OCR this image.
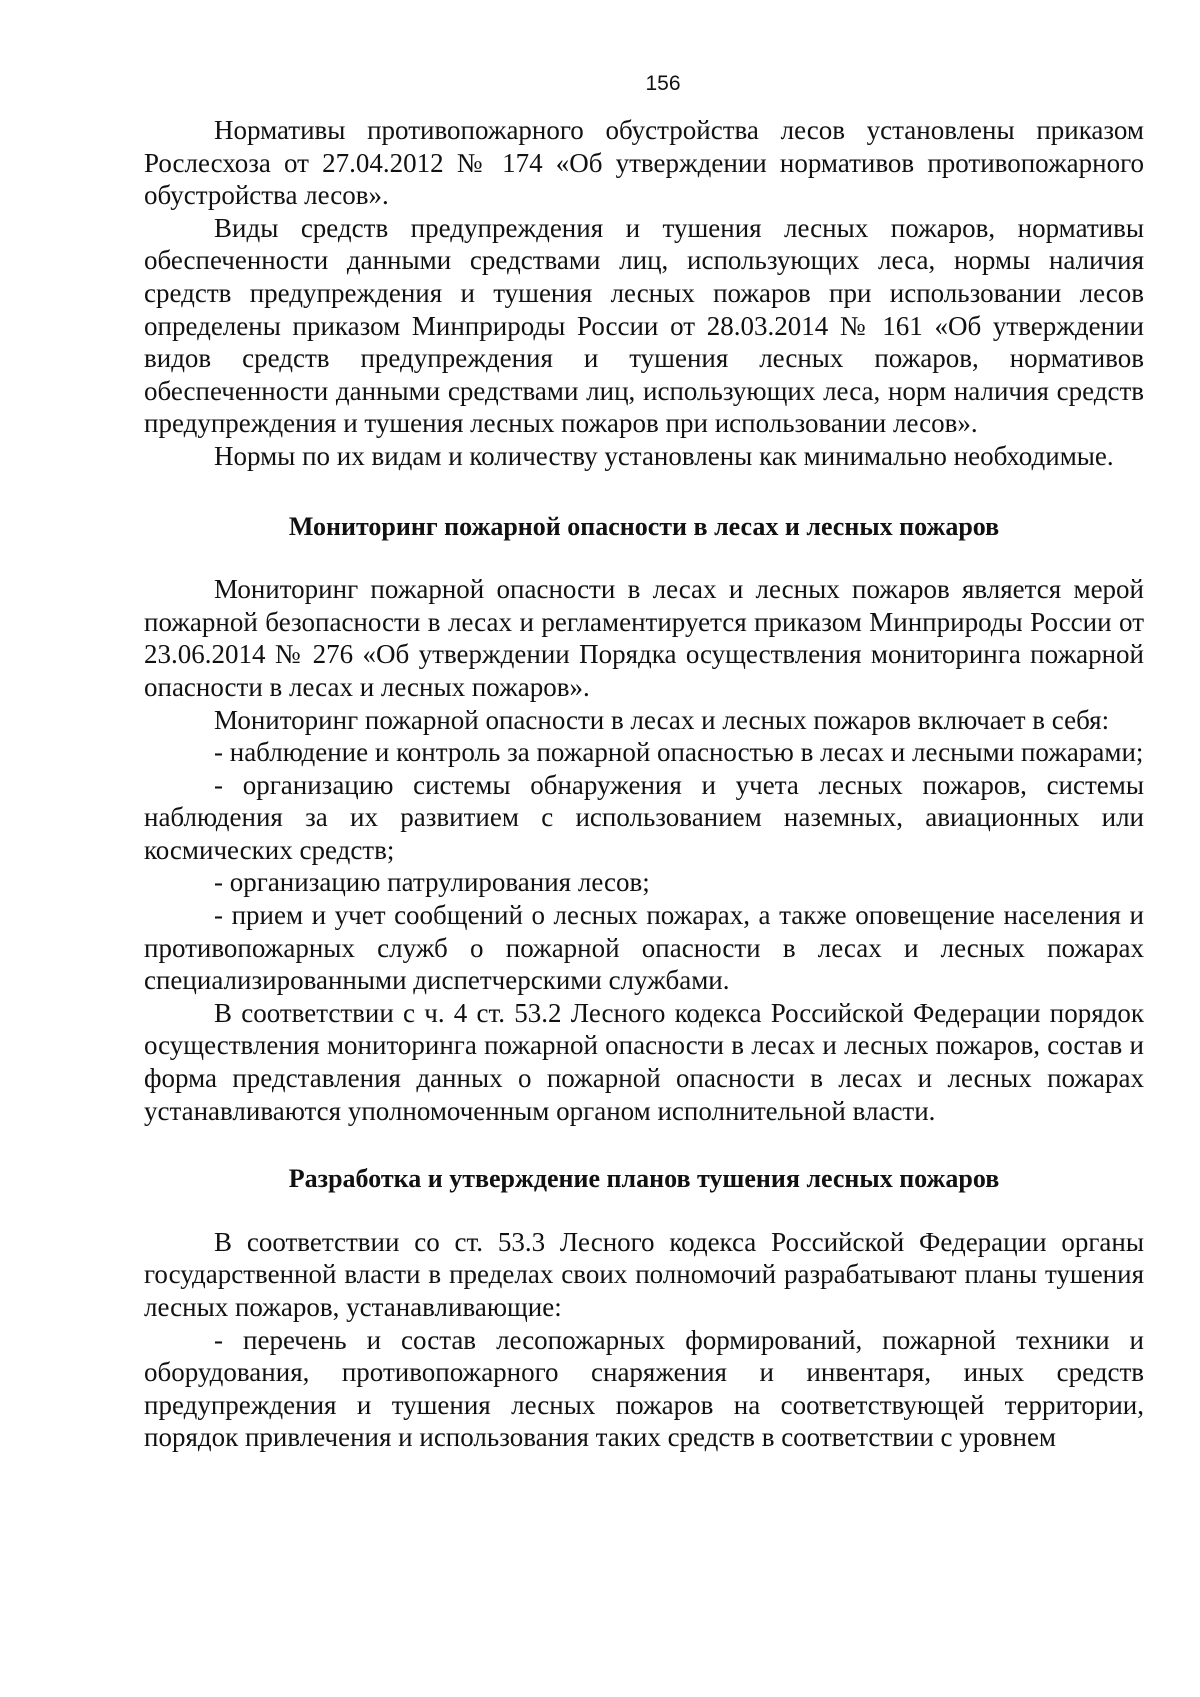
156

Нормативы противопожарного обустройства лесов установлены приказом Рослесхоза от 27.04.2012 № 174 «Об утверждении нормативов противопожарного обустройства лесов».

Виды средств предупреждения и тушения лесных пожаров, нормативы обеспеченности данными средствами лиц, использующих леса, нормы наличия средств предупреждения и тушения лесных пожаров при использовании лесов определены приказом Минприроды России от 28.03.2014 № 161 «Об утверждении видов средств предупреждения и тушения лесных пожаров, нормативов обеспеченности данными средствами лиц, использующих леса, норм наличия средств предупреждения и тушения лесных пожаров при использовании лесов».

Нормы по их видам и количеству установлены как минимально необходимые.

Мониторинг пожарной опасности в лесах и лесных пожаров

Мониторинг пожарной опасности в лесах и лесных пожаров является мерой пожарной безопасности в лесах и регламентируется приказом Минприроды России от 23.06.2014 № 276 «Об утверждении Порядка осуществления мониторинга пожарной опасности в лесах и лесных пожаров».

Мониторинг пожарной опасности в лесах и лесных пожаров включает в себя:

- наблюдение и контроль за пожарной опасностью в лесах и лесными пожарами;

- организацию системы обнаружения и учета лесных пожаров, системы наблюдения за их развитием с использованием наземных, авиационных или космических средств;

- организацию патрулирования лесов;

- прием и учет сообщений о лесных пожарах, а также оповещение населения и противопожарных служб о пожарной опасности в лесах и лесных пожарах специализированными диспетчерскими службами.

В соответствии с ч. 4 ст. 53.2 Лесного кодекса Российской Федерации порядок осуществления мониторинга пожарной опасности в лесах и лесных пожаров, состав и форма представления данных о пожарной опасности в лесах и лесных пожарах устанавливаются уполномоченным органом исполнительной власти.

Разработка и утверждение планов тушения лесных пожаров

В соответствии со ст. 53.3 Лесного кодекса Российской Федерации органы государственной власти в пределах своих полномочий разрабатывают планы тушения лесных пожаров, устанавливающие:

- перечень и состав лесопожарных формирований, пожарной техники и оборудования, противопожарного снаряжения и инвентаря, иных средств предупреждения и тушения лесных пожаров на соответствующей территории, порядок привлечения и использования таких средств в соответствии с уровнем
